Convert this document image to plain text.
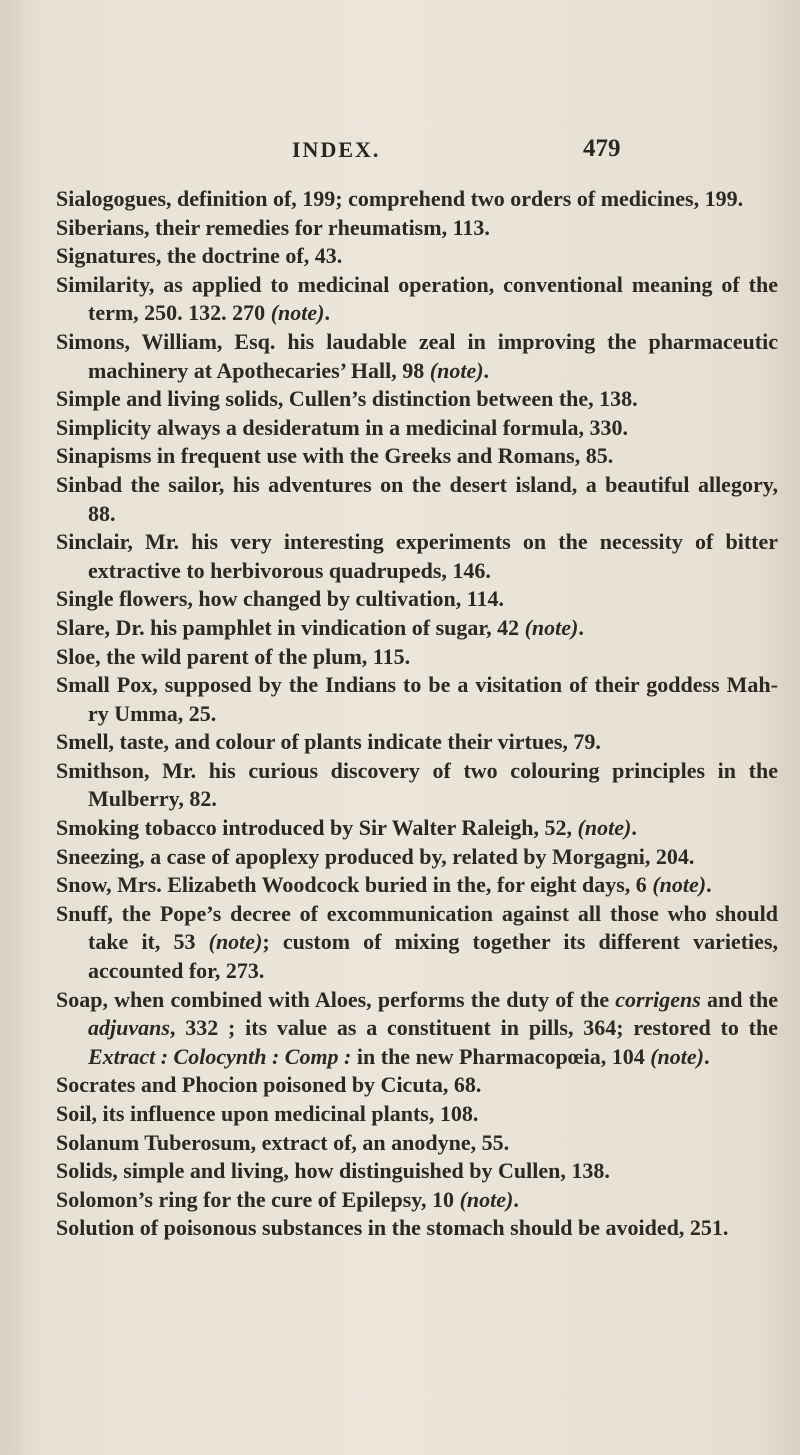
INDEX.	479
Sialogogues, definition of, 199; comprehend two orders of medicines, 199.
Siberians, their remedies for rheumatism, 113.
Signatures, the doctrine of, 43.
Similarity, as applied to medicinal operation, conventional meaning of the term, 250. 132. 270 (note).
Simons, William, Esq. his laudable zeal in improving the pharmaceutic machinery at Apothecaries’ Hall, 98 (note).
Simple and living solids, Cullen’s distinction between the, 138.
Simplicity always a desideratum in a medicinal formula, 330.
Sinapisms in frequent use with the Greeks and Romans, 85.
Sinbad the sailor, his adventures on the desert island, a beautiful allegory, 88.
Sinclair, Mr. his very interesting experiments on the necessity of bitter extractive to herbivorous quadrupeds, 146.
Single flowers, how changed by cultivation, 114.
Slare, Dr. his pamphlet in vindication of sugar, 42 (note).
Sloe, the wild parent of the plum, 115.
Small Pox, supposed by the Indians to be a visitation of their goddess Mah-ry Umma, 25.
Smell, taste, and colour of plants indicate their virtues, 79.
Smithson, Mr. his curious discovery of two colouring principles in the Mulberry, 82.
Smoking tobacco introduced by Sir Walter Raleigh, 52, (note).
Sneezing, a case of apoplexy produced by, related by Morgagni, 204.
Snow, Mrs. Elizabeth Woodcock buried in the, for eight days, 6 (note).
Snuff, the Pope’s decree of excommunication against all those who should take it, 53 (note); custom of mixing together its different varieties, accounted for, 273.
Soap, when combined with Aloes, performs the duty of the corrigens and the adjuvans, 332 ; its value as a constituent in pills, 364; restored to the Extract : Colocynth : Comp : in the new Pharmacopœia, 104 (note).
Socrates and Phocion poisoned by Cicuta, 68.
Soil, its influence upon medicinal plants, 108.
Solanum Tuberosum, extract of, an anodyne, 55.
Solids, simple and living, how distinguished by Cullen, 138.
Solomon’s ring for the cure of Epilepsy, 10 (note).
Solution of poisonous substances in the stomach should be avoided, 251.
